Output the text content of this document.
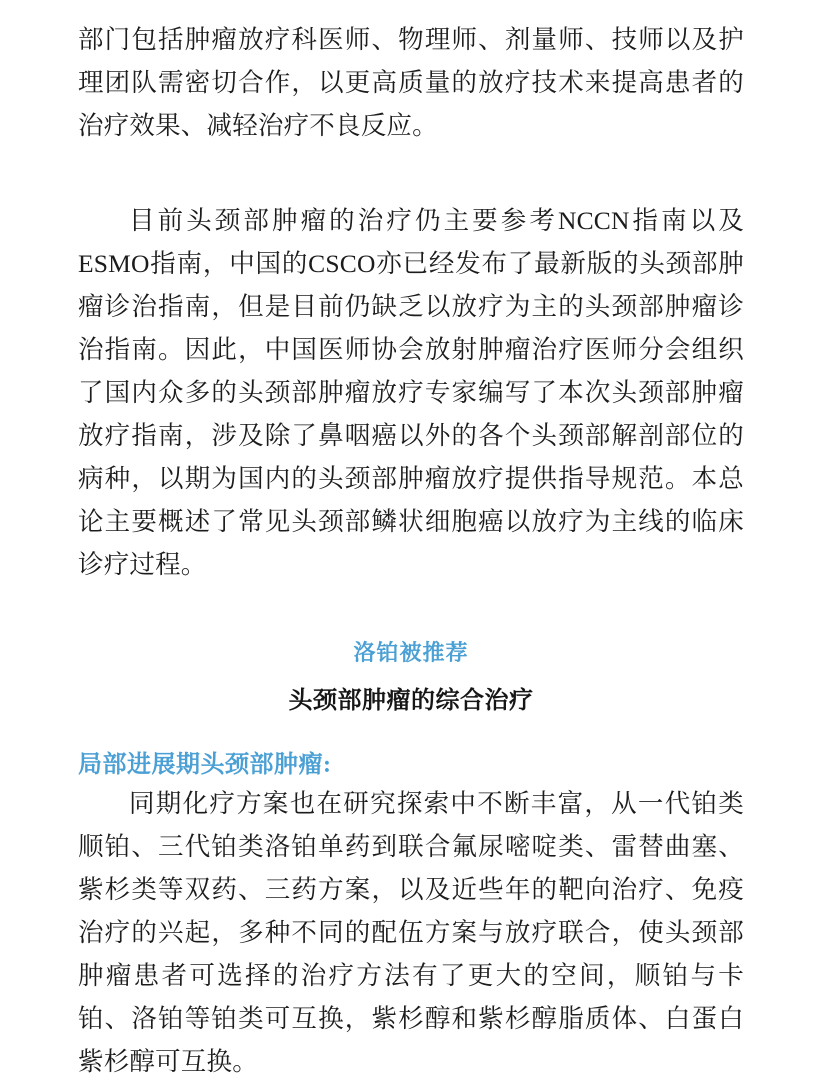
部门包括肿瘤放疗科医师、物理师、剂量师、技师以及护理团队需密切合作，以更高质量的放疗技术来提高患者的治疗效果、减轻治疗不良反应。

目前头颈部肿瘤的治疗仍主要参考NCCN指南以及ESMO指南，中国的CSCO亦已经发布了最新版的头颈部肿瘤诊治指南，但是目前仍缺乏以放疗为主的头颈部肿瘤诊治指南。因此，中国医师协会放射肿瘤治疗医师分会组织了国内众多的头颈部肿瘤放疗专家编写了本次头颈部肿瘤放疗指南，涉及除了鼻咽癌以外的各个头颈部解剖部位的病种，以期为国内的头颈部肿瘤放疗提供指导规范。本总论主要概述了常见头颈部鳞状细胞癌以放疗为主线的临床诊疗过程。

洛铂被推荐

头颈部肿瘤的综合治疗

局部进展期头颈部肿瘤:

同期化疗方案也在研究探索中不断丰富，从一代铂类顺铂、三代铂类洛铂单药到联合氟尿嘧啶类、雷替曲塞、紫杉类等双药、三药方案，以及近些年的靶向治疗、免疫治疗的兴起，多种不同的配伍方案与放疗联合，使头颈部肿瘤患者可选择的治疗方法有了更大的空间，顺铂与卡铂、洛铂等铂类可互换，紫杉醇和紫杉醇脂质体、白蛋白紫杉醇可互换。
